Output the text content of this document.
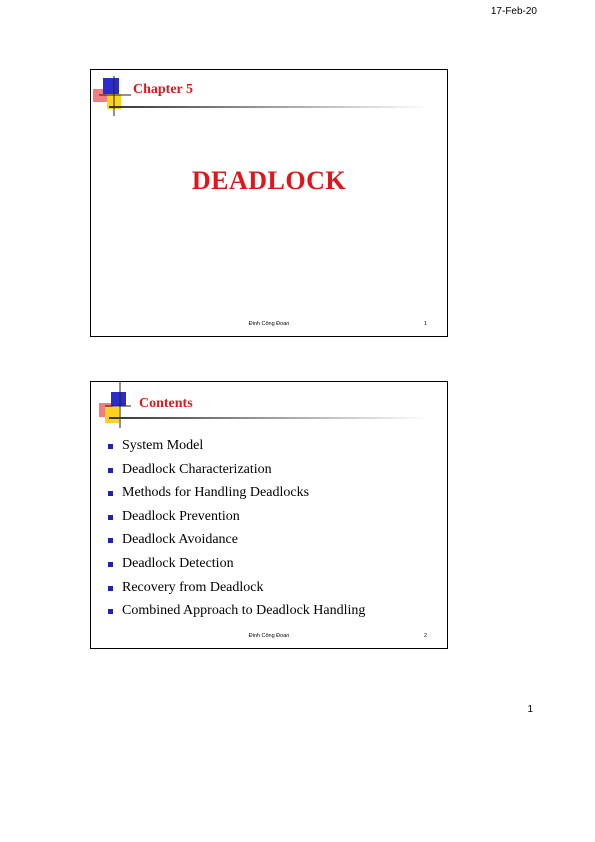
17-Feb-20
Chapter 5
DEADLOCK
Đinh Công Đoan	1
Contents
System Model
Deadlock Characterization
Methods for Handling Deadlocks
Deadlock Prevention
Deadlock Avoidance
Deadlock Detection
Recovery from Deadlock
Combined Approach to Deadlock Handling
Đinh Công Đoan	2
1
